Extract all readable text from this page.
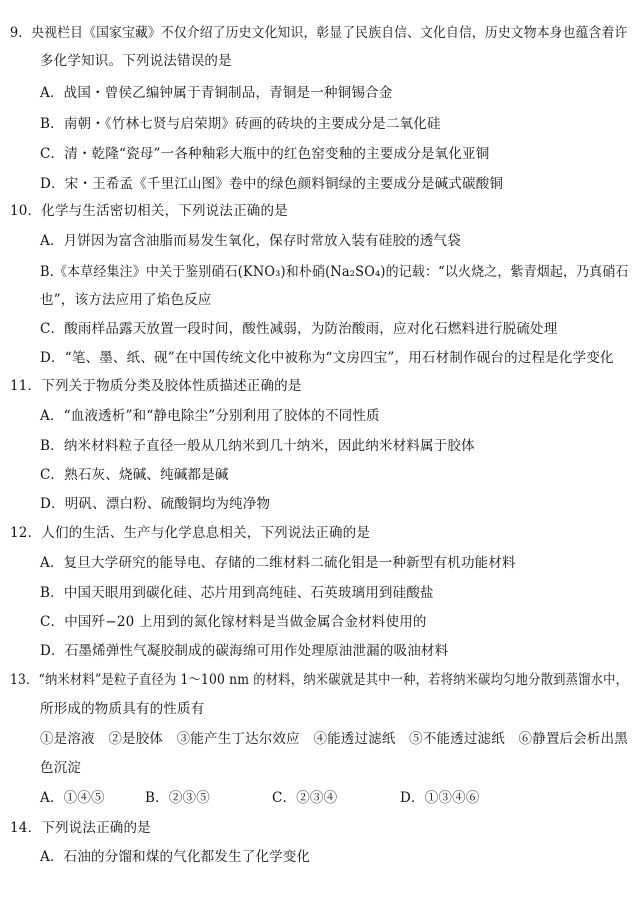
9．央视栏目《国家宝藏》不仅介绍了历史文化知识，彰显了民族自信、文化自信，历史文物本身也蕴含着许
多化学知识。下列说法错误的是
A．战国・曾侯乙编钟属于青铜制品，青铜是一种铜锡合金
B．南朝・《竹林七贤与启荣期》砖画的砖块的主要成分是二氧化硅
C．清・乾隆“瓷母”一各种釉彩大瓶中的红色窑变釉的主要成分是氧化亚铜
D．宋・王希孟《千里江山图》卷中的绿色颜料铜绿的主要成分是碱式碳酸铜
10．化学与生活密切相关，下列说法正确的是
A．月饼因为富含油脂而易发生氧化，保存时常放入装有硅胶的透气袋
B.《本草经集注》中关于鉴别硝石(KNO₃)和朴硝(Na₂SO₄)的记载：“以火烧之，紫青烟起，乃真硝石
也”，该方法应用了焰色反应
C．酸雨样品露天放置一段时间，酸性减弱，为防治酸雨，应对化石燃料进行脱硫处理
D．“笔、墨、纸、砚”在中国传统文化中被称为“文房四宝”，用石材制作砚台的过程是化学变化
11．下列关于物质分类及胶体性质描述正确的是
A．“血液透析”和“静电除尘”分别利用了胶体的不同性质
B．纳米材料粒子直径一般从几纳米到几十纳米，因此纳米材料属于胶体
C．熟石灰、烧碱、纯碱都是碱
D．明矾、漂白粉、硫酸铜均为纯净物
12．人们的生活、生产与化学息息相关，下列说法正确的是
A．复旦大学研究的能导电、存储的二维材料二硫化钼是一种新型有机功能材料
B．中国天眼用到碳化硅、芯片用到高纯硅、石英玻璃用到硅酸盐
C．中国歼−20 上用到的氮化镓材料是当做金属合金材料使用的
D．石墨烯弹性气凝胶制成的碳海绵可用作处理原油泄漏的吸油材料
13．“纳米材料”是粒子直径为 1～100 nm 的材料，纳米碳就是其中一种，若将纳米碳均匀地分散到蒸馏水中，
所形成的物质具有的性质有
①是溶液　②是胶体　③能产生丁达尔效应　④能透过滤纸　⑤不能透过滤纸　⑥静置后会析出黑
色沉淀
A．①④⑤	B．②③⑤	C．②③④	D．①③④⑥
14．下列说法正确的是
A．石油的分馏和煤的气化都发生了化学变化
